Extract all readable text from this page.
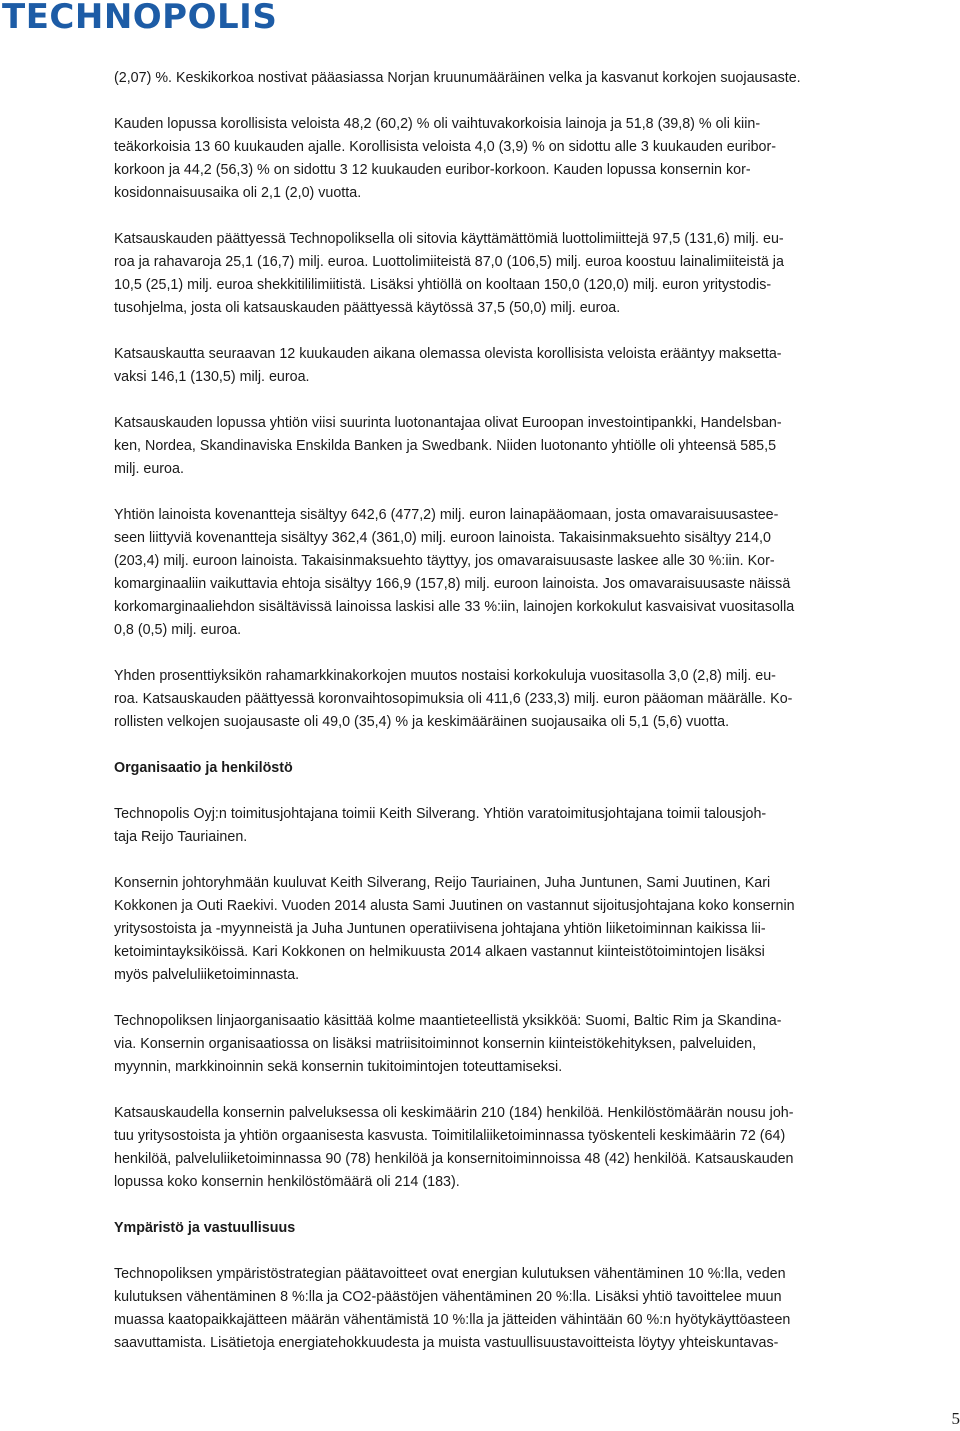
TECHNOPOLIS

(2,07) %. Keskikorkoa nostivat pääasiassa Norjan kruunumääräinen velka ja kasvanut korkojen suojausaste.

Kauden lopussa korollisista veloista 48,2 (60,2) % oli vaihtuvakorkoisia lainoja ja 51,8 (39,8) % oli kiin-

teäkorkoisia 13 60 kuukauden ajalle. Korollisista veloista 4,0 (3,9) % on sidottu alle 3 kuukauden euribor-

korkoon ja 44,2 (56,3) % on sidottu 3 12 kuukauden euribor-korkoon. Kauden lopussa konsernin kor-

kosidonnaisuusaika oli 2,1 (2,0) vuotta.

Katsauskauden päättyessä Technopoliksella oli sitovia käyttämättömiä luottolimiittejä 97,5 (131,6) milj. eu-

roa ja rahavaroja 25,1 (16,7) milj. euroa. Luottolimiiteistä 87,0 (106,5) milj. euroa koostuu lainalimiiteistä ja

10,5 (25,1) milj. euroa shekkitililimiitistä. Lisäksi yhtiöllä on kooltaan 150,0 (120,0) milj. euron yritystodis-

tusohjelma, josta oli katsauskauden päättyessä käytössä 37,5 (50,0) milj. euroa.

Katsauskautta seuraavan 12 kuukauden aikana olemassa olevista korollisista veloista erääntyy maksetta-

vaksi 146,1 (130,5) milj. euroa.

Katsauskauden lopussa yhtiön viisi suurinta luotonantajaa olivat Euroopan investointipankki, Handelsban-

ken, Nordea, Skandinaviska Enskilda Banken ja Swedbank. Niiden luotonanto yhtiölle oli yhteensä 585,5

milj. euroa.

Yhtiön lainoista kovenantteja sisältyy 642,6 (477,2) milj. euron lainapääomaan, josta omavaraisuusastee-

seen liittyviä kovenantteja sisältyy 362,4 (361,0) milj. euroon lainoista. Takaisinmaksuehto sisältyy 214,0

(203,4) milj. euroon lainoista. Takaisinmaksuehto täyttyy, jos omavaraisuusaste laskee alle 30 %:iin. Kor-

komarginaaliin vaikuttavia ehtoja sisältyy 166,9 (157,8) milj. euroon lainoista. Jos omavaraisuusaste näissä

korkomarginaaliehdon sisältävissä lainoissa laskisi alle 33 %:iin, lainojen korkokulut kasvaisivat vuositasolla

0,8 (0,5) milj. euroa.

Yhden prosenttiyksikön rahamarkkinakorkojen muutos nostaisi korkokuluja vuositasolla 3,0 (2,8) milj. eu-

roa. Katsauskauden päättyessä koronvaihtosopimuksia oli 411,6 (233,3) milj. euron pääoman määrälle. Ko-

rollisten velkojen suojausaste oli 49,0 (35,4) % ja keskimääräinen suojausaika oli 5,1 (5,6) vuotta.

Organisaatio ja henkilöstö

Technopolis Oyj:n toimitusjohtajana toimii Keith Silverang. Yhtiön varatoimitusjohtajana toimii talousjoh-

taja Reijo Tauriainen.

Konsernin johtoryhmään kuuluvat Keith Silverang, Reijo Tauriainen, Juha Juntunen, Sami Juutinen, Kari

Kokkonen ja Outi Raekivi. Vuoden 2014 alusta Sami Juutinen on vastannut sijoitusjohtajana koko konsernin

yritysostoista ja -myynneistä ja Juha Juntunen operatiivisena johtajana yhtiön liiketoiminnan kaikissa lii-

ketoimintayksiköissä. Kari Kokkonen on helmikuusta 2014 alkaen vastannut kiinteistötoimintojen lisäksi

myös palveluliiketoiminnasta.

Technopoliksen linjaorganisaatio käsittää kolme maantieteellistä yksikköä: Suomi, Baltic Rim ja Skandina-

via. Konsernin organisaatiossa on lisäksi matriisitoiminnot konsernin kiinteistökehityksen, palveluiden,

myynnin, markkinoinnin sekä konsernin tukitoimintojen toteuttamiseksi.

Katsauskaudella konsernin palveluksessa oli keskimäärin 210 (184) henkilöä. Henkilöstömäärän nousu joh-

tuu yritysostoista ja yhtiön orgaanisesta kasvusta. Toimitilaliiketoiminnassa työskenteli keskimäärin 72 (64)

henkilöä, palveluliiketoiminnassa 90 (78) henkilöä ja konsernitoiminnoissa 48 (42) henkilöä. Katsauskauden

lopussa koko konsernin henkilöstömäärä oli 214 (183).

Ympäristö ja vastuullisuus

Technopoliksen ympäristöstrategian päätavoitteet ovat energian kulutuksen vähentäminen 10 %:lla, veden

kulutuksen vähentäminen 8 %:lla ja CO2-päästöjen vähentäminen 20 %:lla. Lisäksi yhtiö tavoittelee muun

muassa kaatopaikkajätteen määrän vähentämistä 10 %:lla ja jätteiden vähintään 60 %:n hyötykäyttöasteen

saavuttamista. Lisätietoja energiatehokkuudesta ja muista vastuullisuustavoitteista löytyy yhteiskuntavas-

5
